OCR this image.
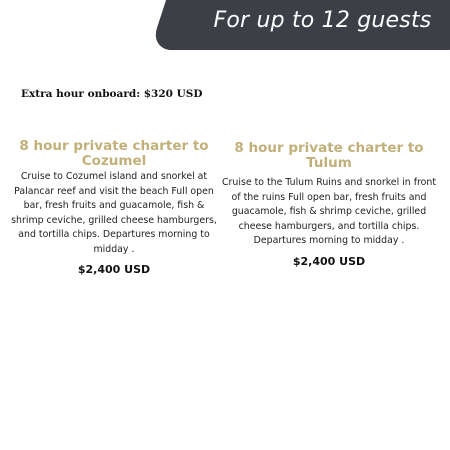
For up to 12 guests
Extra hour onboard: $320 USD

8 hour private charter to Cozumel

Cruise to Cozumel island and snorkel at Palancar reef and visit the beach Full open bar, fresh fruits and guacamole, fish & shrimp ceviche, grilled cheese hamburgers, and tortilla chips. Departures morning to midday .

$2,400 USD

8 hour private charter to Tulum

Cruise to the Tulum Ruins and snorkel in front of the ruins Full open bar, fresh fruits and guacamole, fish & shrimp ceviche, grilled cheese hamburgers, and tortilla chips. Departures morning to midday .

$2,400 USD
